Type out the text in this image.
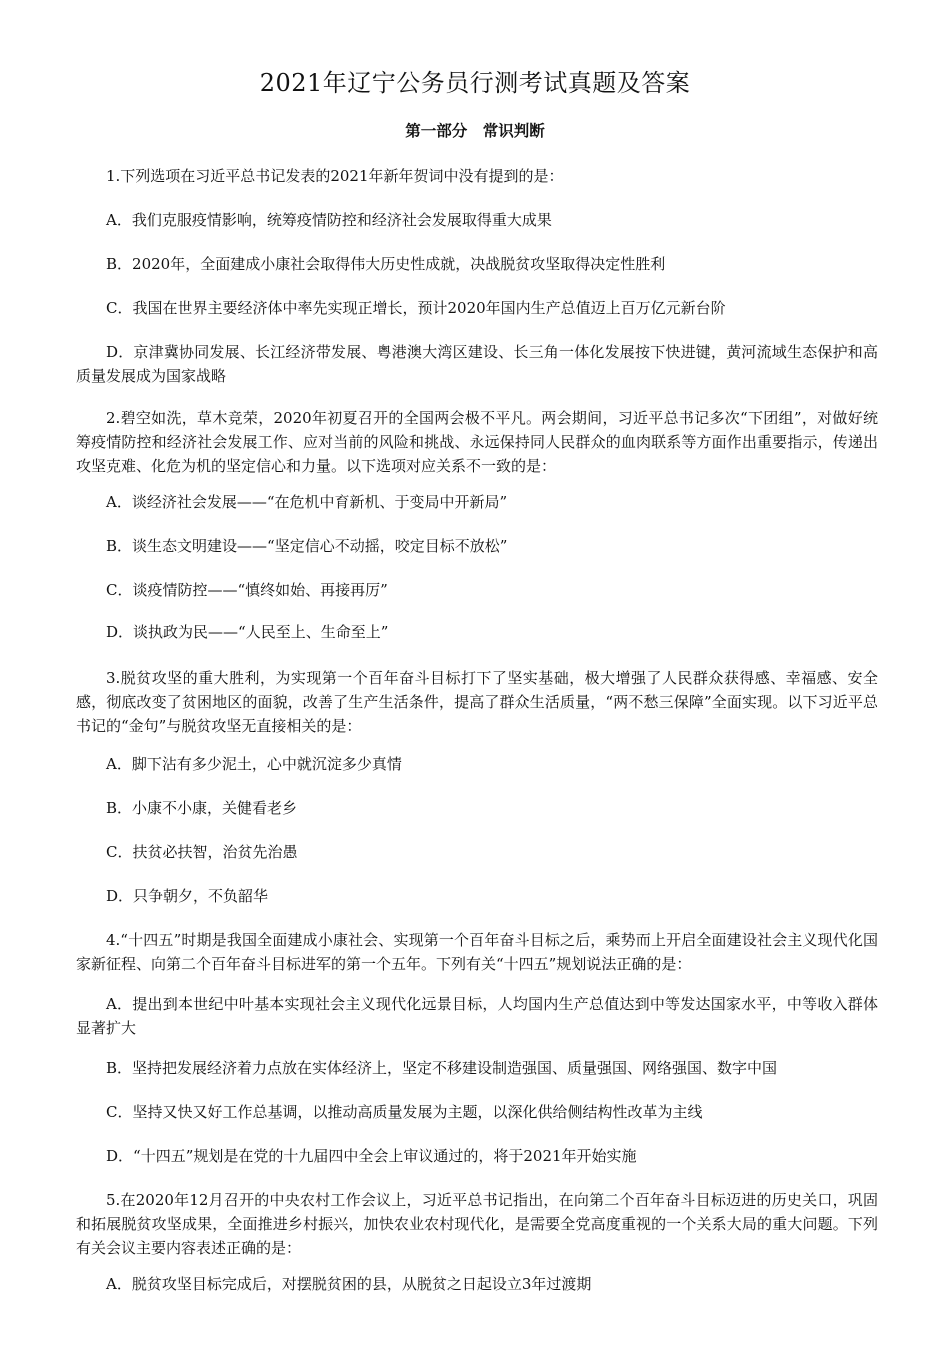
2021年辽宁公务员行测考试真题及答案
第一部分　常识判断

1.下列选项在习近平总书记发表的2021年新年贺词中没有提到的是：

A．我们克服疫情影响，统筹疫情防控和经济社会发展取得重大成果

B．2020年，全面建成小康社会取得伟大历史性成就，决战脱贫攻坚取得决定性胜利

C．我国在世界主要经济体中率先实现正增长，预计2020年国内生产总值迈上百万亿元新台阶

D．京津冀协同发展、长江经济带发展、粤港澳大湾区建设、长三角一体化发展按下快进键，黄河流域生态保护和高质量发展成为国家战略

2.碧空如洗，草木竞荣，2020年初夏召开的全国两会极不平凡。两会期间，习近平总书记多次“下团组”，对做好统筹疫情防控和经济社会发展工作、应对当前的风险和挑战、永远保持同人民群众的血肉联系等方面作出重要指示，传递出攻坚克难、化危为机的坚定信心和力量。以下选项对应关系不一致的是：

A．谈经济社会发展——“在危机中育新机、于变局中开新局”

B．谈生态文明建设——“坚定信心不动摇，咬定目标不放松”

C．谈疫情防控——“慎终如始、再接再厉”

D．谈执政为民——“人民至上、生命至上”

3.脱贫攻坚的重大胜利，为实现第一个百年奋斗目标打下了坚实基础，极大增强了人民群众获得感、幸福感、安全感，彻底改变了贫困地区的面貌，改善了生产生活条件，提高了群众生活质量，“两不愁三保障”全面实现。以下习近平总书记的“金句”与脱贫攻坚无直接相关的是：

A．脚下沾有多少泥土，心中就沉淀多少真情

B．小康不小康，关健看老乡

C．扶贫必扶智，治贫先治愚

D．只争朝夕，不负韶华

4.“十四五”时期是我国全面建成小康社会、实现第一个百年奋斗目标之后，乘势而上开启全面建设社会主义现代化国家新征程、向第二个百年奋斗目标进军的第一个五年。下列有关“十四五”规划说法正确的是：

A．提出到本世纪中叶基本实现社会主义现代化远景目标，人均国内生产总值达到中等发达国家水平，中等收入群体显著扩大

B．坚持把发展经济着力点放在实体经济上，坚定不移建设制造强国、质量强国、网络强国、数字中国

C．坚持又快又好工作总基调，以推动高质量发展为主题，以深化供给侧结构性改革为主线

D．“十四五”规划是在党的十九届四中全会上审议通过的，将于2021年开始实施

5.在2020年12月召开的中央农村工作会议上，习近平总书记指出，在向第二个百年奋斗目标迈进的历史关口，巩固和拓展脱贫攻坚成果，全面推进乡村振兴，加快农业农村现代化，是需要全党高度重视的一个关系大局的重大问题。下列有关会议主要内容表述正确的是：

A．脱贫攻坚目标完成后，对摆脱贫困的县，从脱贫之日起设立3年过渡期
